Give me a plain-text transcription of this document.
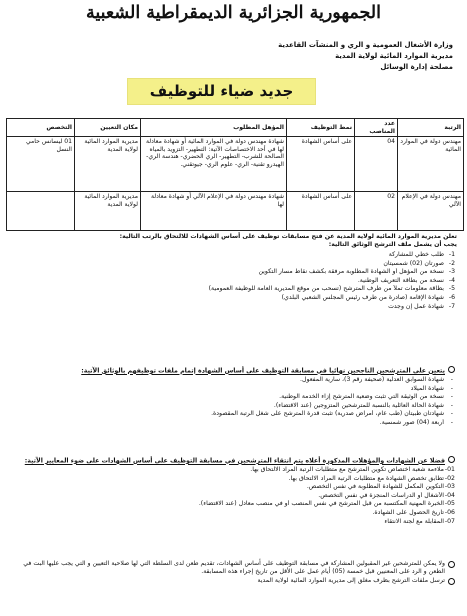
الجمهورية الجزائرية الديمقراطية الشعبية
وزارة الأشغال العمومية و الري و المنشآت القاعدية
مديرية الموارد المائية لولاية المدية
مصلحة إدارة الوسائل
جديد ضياء للتوظيف
الرتبة	عدد المناصب	نمط التوظيف	المؤهل المطلوب	مكان التعيين	التخصص
مهندس دولة في الموارد المائية	04	على أساس الشهادة	شهادة مهندس دولة في الموارد المائية أو شهادة معادلة لها في أحد الاختصاصات الآتية: التطهير- التزويد بالمياه الصالحة للشرب- التطهير- الري الحضري- هندسة الري- الهيدرو تقنية- الري- علوم الري- جيوتقني.	مديرية الموارد المائية لولاية المدية	01 ليسانس حامي النسل
مهندس دولة في الإعلام الآلي	02	على أساس الشهادة	شهادة مهندس دولة في الإعلام الآلي أو شهادة معادلة لها	مديرية الموارد المائية لولاية المدية	
تعلن مديرية الموارد المائية لولاية المدية عن فتح مسابقات توظيف على أساس الشهادات للالتحاق بالرتب التالية:
يجب أن يشمل ملف الترشح الوثائق التالية:
1-
طلب خطي للمشاركة
2-
صورتان (02) شمسيتان
3-
نسخة من المؤهل أو الشهادة المطلوبة مرفقة بكشف نقاط مسار التكوين
4-
نسخة من بطاقة التعريف الوطنية.
5-
بطاقة معلومات تملأ من طرف المترشح (تسحب من موقع المديرية العامة للوظيفة العمومية)
6-
شهادة الإقامة (صادرة من طرف رئيس المجلس الشعبي البلدي)
7-
شهادة عمل إن وجدت

يتعين على المترشحين الناجحين نهائيا في مسابقة التوظيف على أساس الشهادة إتمام ملفات توظيفهم بالوثائق الآتية:

- شهادة السوابق العدلية (صحيفة رقم 3)، سارية المفعول.
- شهادة الميلاد
- نسخة من الوثيقة التي تثبت وضعية المترشح إزاء الخدمة الوطنية.
- شهادة الحالة العائلية بالنسبة للمترشحين المتزوجين (عند الاقتضاء).
- شهادتان طبيتان (طب عام، أمراض صدرية) تثبت قدرة المترشح على شغل الرتبة المقصودة.
- أربعة (04) صور شمسية.

فضلا عن الشهادات والمؤهلات المذكورة أعلاه يتم انتقاء المترشحين في مسابقة التوظيف على أساس الشهادات على ضوء المعايير الآتية:

01-
ملاءمة شعبة اختصاص تكوين المترشح مع متطلبات الرتبة المراد الالتحاق بها.
02-
تطابق تخصص الشهادة مع متطلبات الرتبة المراد الالتحاق بها.
03-
التكوين المكمل للشهادة المطلوبة في نفس التخصص.
04-
الأشغال أو الدراسات المنجزة في نفس التخصص.
05-
الخبرة المهنية المكتسبة من قبل المترشح في نفس المنصب أو في منصب معادل (عند الاقتضاء).
06-
تاريخ الحصول على الشهادة.
07-
المقابلة مع لجنة الانتقاء

ولا يمكن للمترشحين غير المقبولين المشاركة في مسابقة التوظيف على أساس الشهادات، تقديم طعن لدى السلطة التي لها صلاحية التعيين و التي يجب عليها البت في الطعن و الرد على المعنيين قبل خمسة (05) أيام عمل على الأقل من تاريخ إجراء هذه المسابقة.

ترسل ملفات الترشح بظرف مغلق إلى مديرية الموارد المائية لولاية المدية
